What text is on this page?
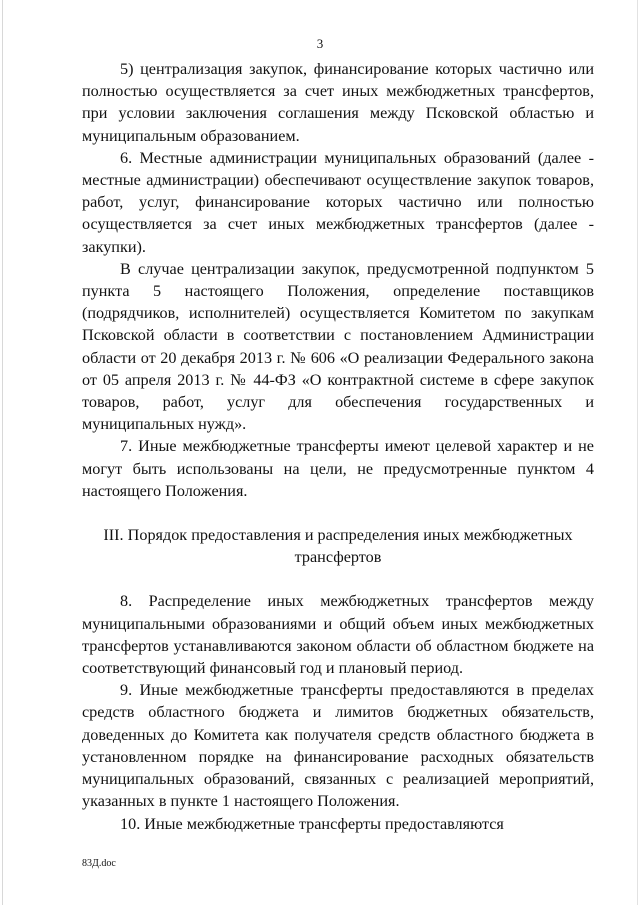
3

5) централизация закупок, финансирование которых частично или полностью осуществляется за счет иных межбюджетных трансфертов, при условии заключения соглашения между Псковской областью и муниципальным образованием.

6. Местные администрации муниципальных образований (далее - местные администрации) обеспечивают осуществление закупок товаров, работ, услуг, финансирование которых частично или полностью осуществляется за счет иных межбюджетных трансфертов (далее - закупки).

В случае централизации закупок, предусмотренной подпунктом 5 пункта 5 настоящего Положения, определение поставщиков (подрядчиков, исполнителей) осуществляется Комитетом по закупкам Псковской области в соответствии с постановлением Администрации области от 20 декабря 2013 г. № 606 «О реализации Федерального закона от 05 апреля 2013 г. № 44-ФЗ «О контрактной системе в сфере закупок товаров, работ, услуг для обеспечения государственных и муниципальных нужд».

7. Иные межбюджетные трансферты имеют целевой характер и не могут быть использованы на цели, не предусмотренные пунктом 4 настоящего Положения.

III. Порядок предоставления и распределения иных межбюджетных

трансфертов

8. Распределение иных межбюджетных трансфертов между муниципальными образованиями и общий объем иных межбюджетных трансфертов устанавливаются законом области об областном бюджете на соответствующий финансовый год и плановый период.

9. Иные межбюджетные трансферты предоставляются в пределах средств областного бюджета и лимитов бюджетных обязательств, доведенных до Комитета как получателя средств областного бюджета в установленном порядке на финансирование расходных обязательств муниципальных образований, связанных с реализацией мероприятий, указанных в пункте 1 настоящего Положения.

10. Иные межбюджетные трансферты предоставляются

83Д.doc
